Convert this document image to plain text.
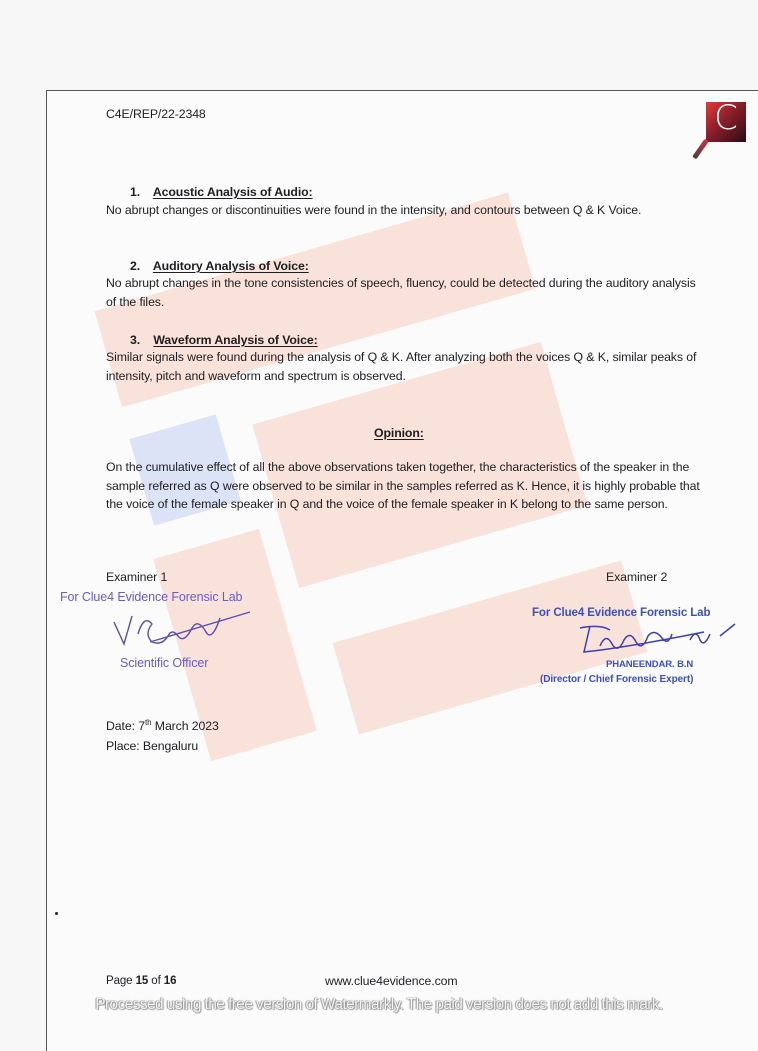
C4E/REP/22-2348	C
1. Acoustic Analysis of Audio:
No abrupt changes or discontinuities were found in the intensity, and contours between Q & K Voice.
2. Auditory Analysis of Voice:
No abrupt changes in the tone consistencies of speech, fluency, could be detected during the auditory analysis of the files.
3. Waveform Analysis of Voice:
Similar signals were found during the analysis of Q & K. After analyzing both the voices Q & K, similar peaks of intensity, pitch and waveform and spectrum is observed.
Opinion:
On the cumulative effect of all the above observations taken together, the characteristics of the speaker in the sample referred as Q were observed to be similar in the samples referred as K. Hence, it is highly probable that the voice of the female speaker in Q and the voice of the female speaker in K belong to the same person.
Examiner 1
For Clue4 Evidence Forensic Lab
Scientific Officer
Examiner 2
For Clue4 Evidence Forensic Lab
PHANEENDAR. B.N
(Director / Chief Forensic Expert)
Date: 7th March 2023
Place: Bengaluru
Page 15 of 16	www.clue4evidence.com
Processed using the free version of Watermarkly. The paid version does not add this mark.
